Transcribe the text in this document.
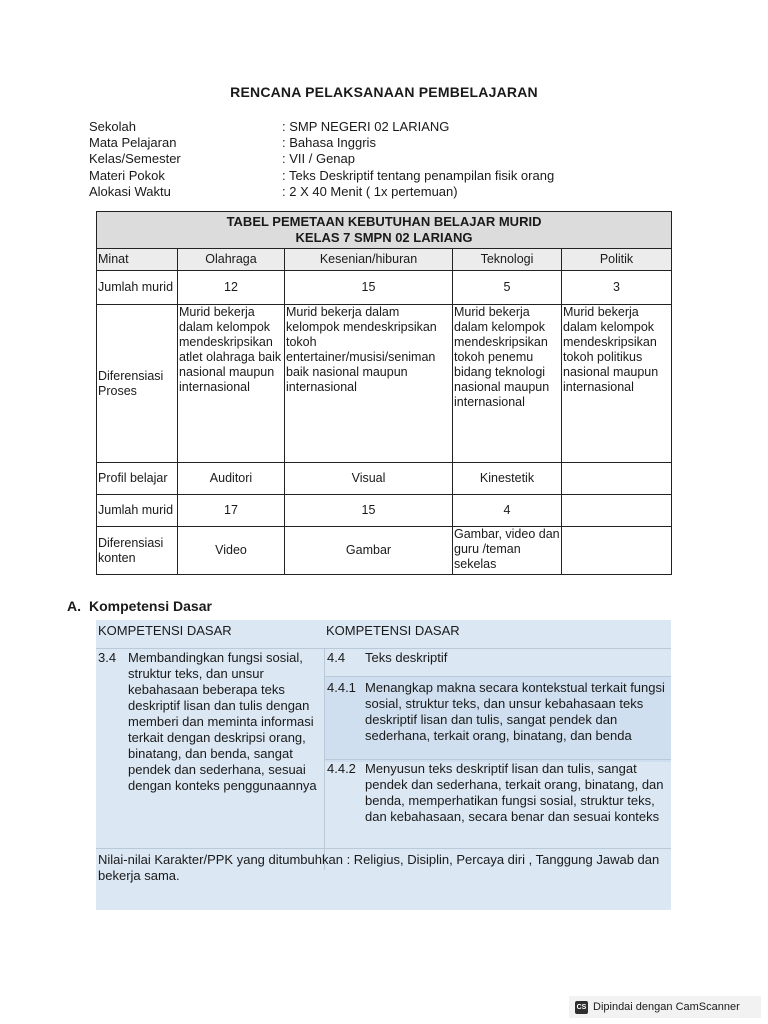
RENCANA PELAKSANAAN PEMBELAJARAN
Sekolah	: SMP NEGERI 02 LARIANG
Mata Pelajaran	: Bahasa Inggris
Kelas/Semester	: VII / Genap
Materi Pokok	: Teks Deskriptif tentang penampilan fisik orang
Alokasi Waktu	: 2 X 40 Menit ( 1x pertemuan)
TABEL PEMETAAN KEBUTUHAN BELAJAR MURID
KELAS 7 SMPN 02 LARIANG				

Minat	Olahraga	Kesenian/hiburan	Teknologi	Politik
Jumlah murid	12	15	5	3
Diferensiasi Proses	Murid bekerja dalam kelompok mendeskripsikan atlet olahraga baik nasional maupun internasional	Murid bekerja dalam kelompok mendeskripsikan tokoh entertainer/musisi/seniman baik nasional maupun internasional	Murid bekerja dalam kelompok mendeskripsikan tokoh penemu bidang teknologi nasional maupun internasional	Murid bekerja dalam kelompok mendeskripsikan tokoh politikus nasional maupun internasional
Profil belajar	Auditori	Visual	Kinestetik	
Jumlah murid	17	15	4	
Diferensiasi konten	Video	Gambar	Gambar, video dan guru /teman sekelas	
A. Kompetensi Dasar
KOMPETENSI DASAR	KOMPETENSI DASAR
3.4 Membandingkan fungsi sosial, struktur teks, dan unsur kebahasaan beberapa teks deskriptif lisan dan tulis dengan memberi dan meminta informasi terkait dengan deskripsi orang, binatang, dan benda, sangat pendek dan sederhana, sesuai dengan konteks penggunaannya
4.4	Teks deskriptif
4.4.1 Menangkap makna secara kontekstual terkait fungsi sosial, struktur teks, dan unsur kebahasaan teks deskriptif lisan dan tulis, sangat pendek dan sederhana, terkait orang, binatang, dan benda
4.4.2 Menyusun teks deskriptif lisan dan tulis, sangat pendek dan sederhana, terkait orang, binatang, dan benda, memperhatikan fungsi sosial, struktur teks, dan kebahasaan, secara benar dan sesuai konteks
Nilai-nilai Karakter/PPK yang ditumbuhkan : Religius, Disiplin, Percaya diri , Tanggung Jawab dan bekerja sama.
CS Dipindai dengan CamScanner
